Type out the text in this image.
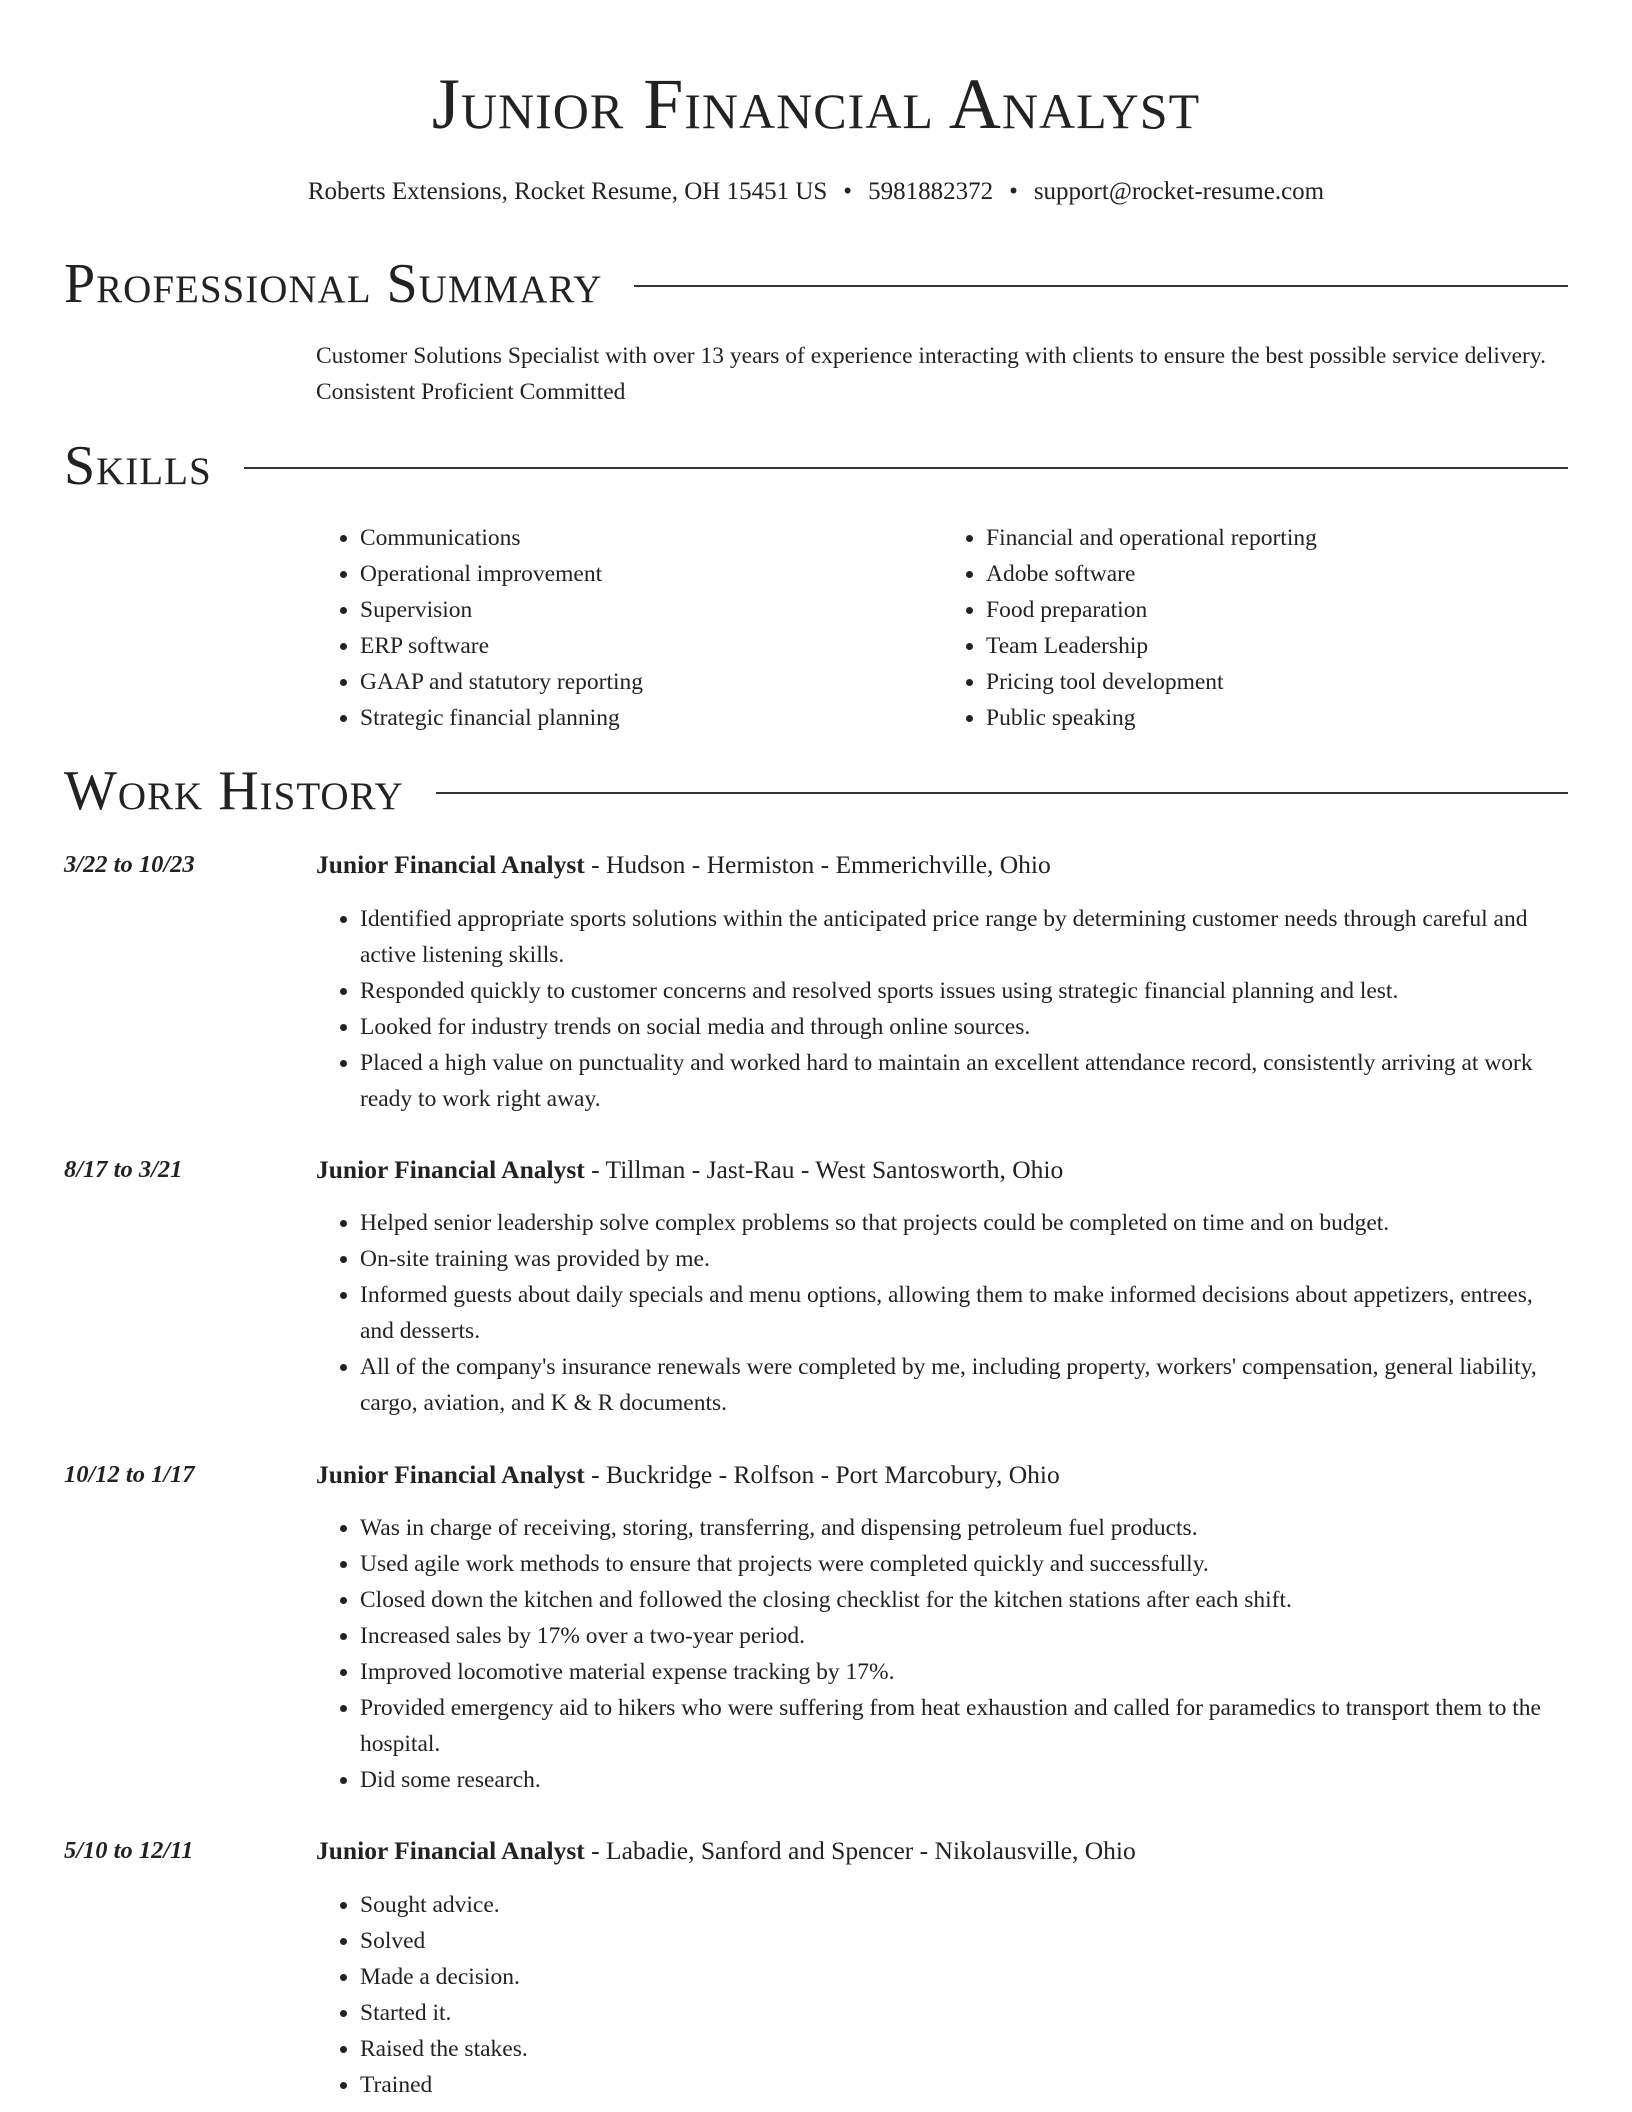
Junior Financial Analyst
Roberts Extensions, Rocket Resume, OH 15451 US • 5981882372 • support@rocket-resume.com
Professional Summary
Customer Solutions Specialist with over 13 years of experience interacting with clients to ensure the best possible service delivery. Consistent Proficient Committed
Skills
• Communications
• Operational improvement
• Supervision
• ERP software
• GAAP and statutory reporting
• Strategic financial planning
• Financial and operational reporting
• Adobe software
• Food preparation
• Team Leadership
• Pricing tool development
• Public speaking
Work History
3/22 to 10/23	Junior Financial Analyst - Hudson - Hermiston - Emmerichville, Ohio
• Identified appropriate sports solutions within the anticipated price range by determining customer needs through careful and active listening skills.
• Responded quickly to customer concerns and resolved sports issues using strategic financial planning and lest.
• Looked for industry trends on social media and through online sources.
• Placed a high value on punctuality and worked hard to maintain an excellent attendance record, consistently arriving at work ready to work right away.
8/17 to 3/21	Junior Financial Analyst - Tillman - Jast-Rau - West Santosworth, Ohio
• Helped senior leadership solve complex problems so that projects could be completed on time and on budget.
• On-site training was provided by me.
• Informed guests about daily specials and menu options, allowing them to make informed decisions about appetizers, entrees, and desserts.
• All of the company's insurance renewals were completed by me, including property, workers' compensation, general liability, cargo, aviation, and K & R documents.
10/12 to 1/17	Junior Financial Analyst - Buckridge - Rolfson - Port Marcobury, Ohio
• Was in charge of receiving, storing, transferring, and dispensing petroleum fuel products.
• Used agile work methods to ensure that projects were completed quickly and successfully.
• Closed down the kitchen and followed the closing checklist for the kitchen stations after each shift.
• Increased sales by 17% over a two-year period.
• Improved locomotive material expense tracking by 17%.
• Provided emergency aid to hikers who were suffering from heat exhaustion and called for paramedics to transport them to the hospital.
• Did some research.
5/10 to 12/11	Junior Financial Analyst - Labadie, Sanford and Spencer - Nikolausville, Ohio
• Sought advice.
• Solved
• Made a decision.
• Started it.
• Raised the stakes.
• Trained
